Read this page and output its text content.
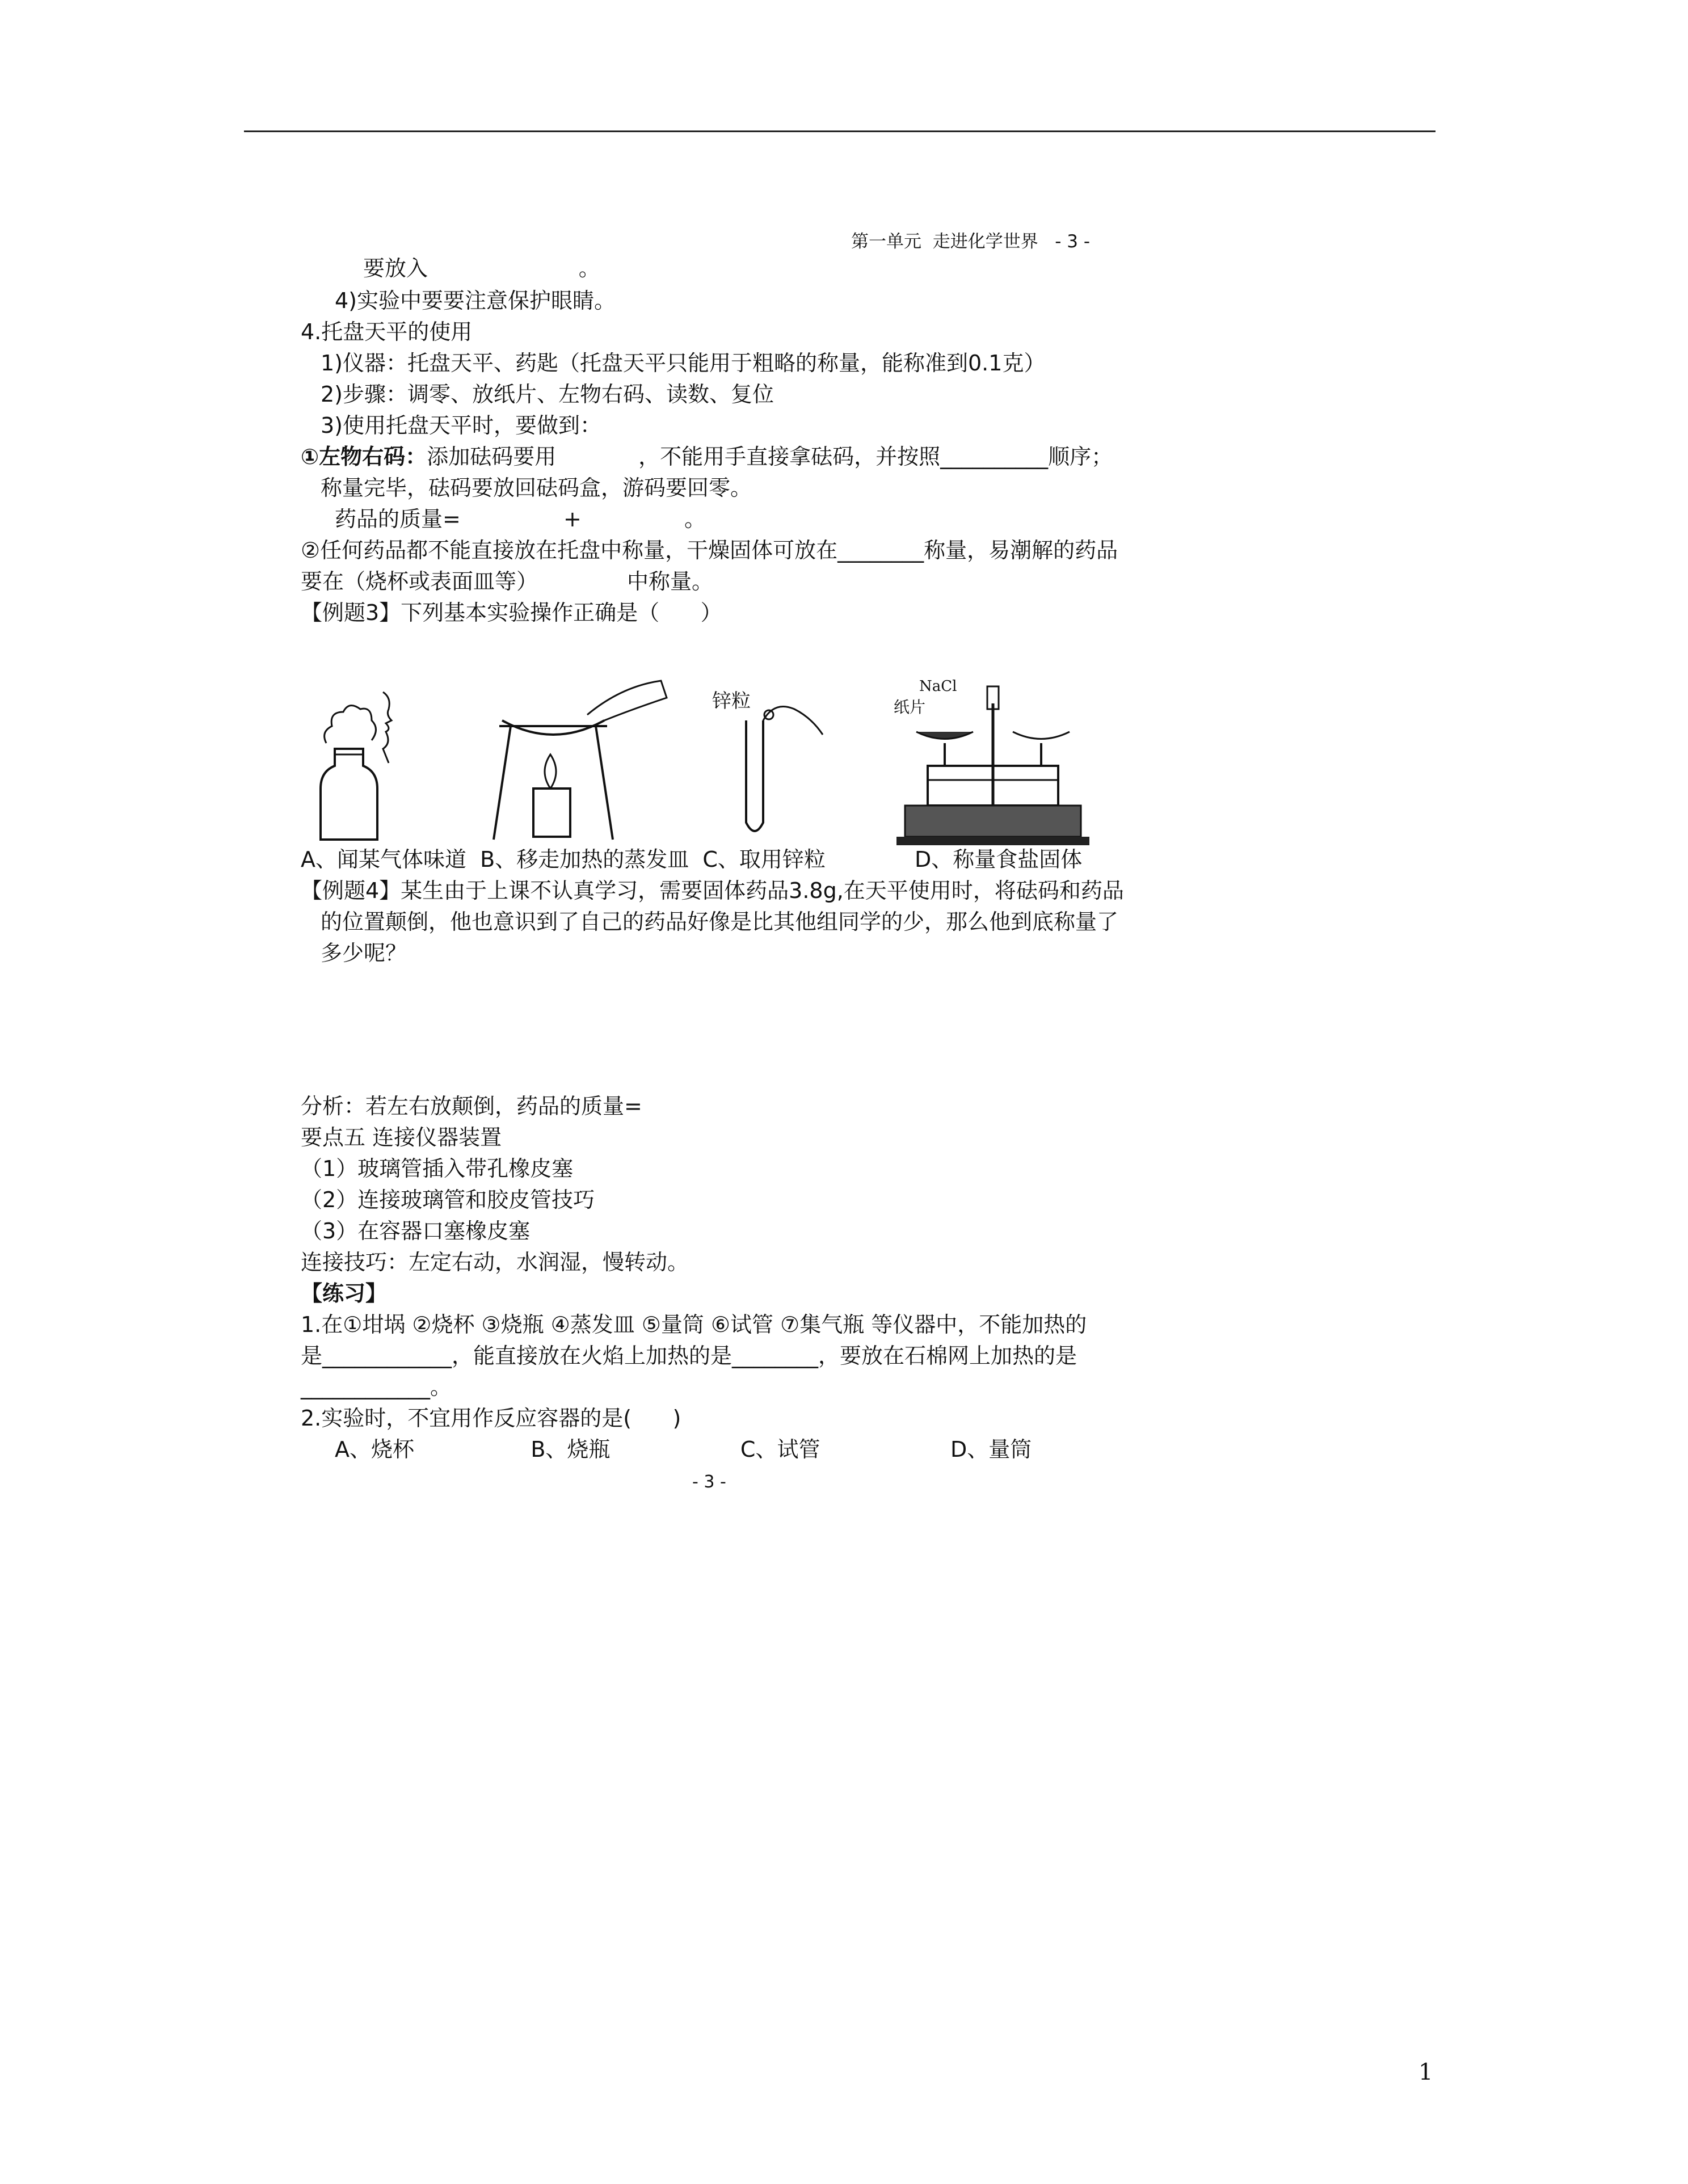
第一单元  走进化学世界   - 3 -
要放入                      。
4)实验中要要注意保护眼睛。
4.托盘天平的使用
1)仪器：托盘天平、药匙（托盘天平只能用于粗略的称量，能称准到0.1克）
2)步骤：调零、放纸片、左物右码、读数、复位
3)使用托盘天平时，要做到：
①左物右码：添加砝码要用            ，不能用手直接拿砝码，并按照__________顺序；
称量完毕，砝码要放回砝码盒，游码要回零。
药品的质量=               +               。
②任何药品都不能直接放在托盘中称量，干燥固体可放在________称量，易潮解的药品
要在（烧杯或表面皿等）             中称量。
【例题3】下列基本实验操作正确是（      ）
锌粒	纸片
NaCl
A、闻某气体味道  B、移走加热的蒸发皿  C、取用锌粒             D、称量食盐固体
【例题4】某生由于上课不认真学习，需要固体药品3.8g,在天平使用时，将砝码和药品
的位置颠倒，他也意识到了自己的药品好像是比其他组同学的少，那么他到底称量了
多少呢？
分析：若左右放颠倒，药品的质量=
要点五 连接仪器装置
（1）玻璃管插入带孔橡皮塞
（2）连接玻璃管和胶皮管技巧
（3）在容器口塞橡皮塞
连接技巧：左定右动，水润湿，慢转动。
【练习】
1.在①坩埚 ②烧杯 ③烧瓶 ④蒸发皿 ⑤量筒 ⑥试管 ⑦集气瓶 等仪器中，不能加热的
是____________，能直接放在火焰上加热的是________，要放在石棉网上加热的是
____________。
2.实验时，不宜用作反应容器的是(      )
A、烧杯                 B、烧瓶                   C、试管                   D、量筒
- 3 -
1
